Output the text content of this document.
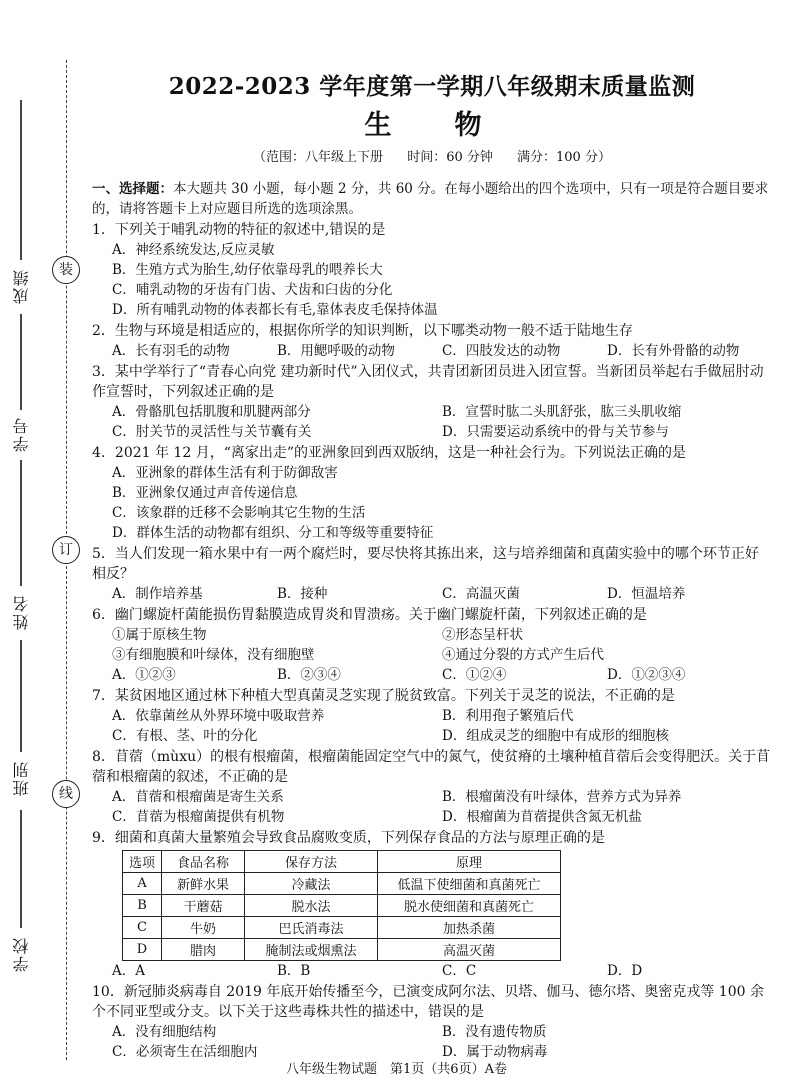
装
订
线
成绩
学号
姓名
班别
学校
2022-2023 学年度第一学期八年级期末质量监测
生　物
（范围：八年级上下册 时间：60 分钟 满分：100 分）
一、选择题：本大题共 30 小题，每小题 2 分，共 60 分。在每小题给出的四个选项中，只有一项是符合题目要求的，请将答题卡上对应题目所选的选项涂黑。
1．下列关于哺乳动物的特征的叙述中,错误的是
A．神经系统发达,反应灵敏
B．生殖方式为胎生,幼仔依靠母乳的喂养长大
C．哺乳动物的牙齿有门齿、犬齿和臼齿的分化
D．所有哺乳动物的体表都长有毛,靠体表皮毛保持体温
2．生物与环境是相适应的，根据你所学的知识判断，以下哪类动物一般不适于陆地生存
A．长有羽毛的动物	B．用鳃呼吸的动物	C．四肢发达的动物	D．长有外骨骼的动物
3．某中学举行了“青春心向党 建功新时代”入团仪式，共青团新团员进入团宣誓。当新团员举起右手做屈肘动作宣誓时，下列叙述正确的是
A．骨骼肌包括肌腹和肌腱两部分	B．宣誓时肱二头肌舒张，肱三头肌收缩
C．肘关节的灵活性与关节囊有关	D．只需要运动系统中的骨与关节参与
4．2021 年 12 月，“离家出走”的亚洲象回到西双版纳，这是一种社会行为。下列说法正确的是
A．亚洲象的群体生活有利于防御敌害
B．亚洲象仅通过声音传递信息
C．该象群的迁移不会影响其它生物的生活
D．群体生活的动物都有组织、分工和等级等重要特征
5．当人们发现一箱水果中有一两个腐烂时，要尽快将其拣出来，这与培养细菌和真菌实验中的哪个环节正好相反？
A．制作培养基	B．接种	C．高温灭菌	D．恒温培养
6．幽门螺旋杆菌能损伤胃黏膜造成胃炎和胃溃疡。关于幽门螺旋杆菌，下列叙述正确的是
①属于原核生物	②形态呈杆状
③有细胞膜和叶绿体，没有细胞壁	④通过分裂的方式产生后代
A．①②③	B．②③④	C．①②④	D．①②③④
7．某贫困地区通过林下种植大型真菌灵芝实现了脱贫致富。下列关于灵芝的说法，不正确的是
A．依靠菌丝从外界环境中吸取营养	B．利用孢子繁殖后代
C．有根、茎、叶的分化	D．组成灵芝的细胞中有成形的细胞核
8．苜蓿（mùxu）的根有根瘤菌，根瘤菌能固定空气中的氮气，使贫瘠的土壤种植苜蓿后会变得肥沃。关于苜蓿和根瘤菌的叙述，不正确的是
A．苜蓿和根瘤菌是寄生关系	B．根瘤菌没有叶绿体，营养方式为异养
C．苜蓿为根瘤菌提供有机物	D．根瘤菌为苜蓿提供含氮无机盐
9．细菌和真菌大量繁殖会导致食品腐败变质，下列保存食品的方法与原理正确的是
选项	食品名称	保存方法	原理
A	新鲜水果	冷藏法	低温下使细菌和真菌死亡
B	干蘑菇	脱水法	脱水使细菌和真菌死亡
C	牛奶	巴氏消毒法	加热杀菌
D	腊肉	腌制法或烟熏法	高温灭菌
A．A	B．B	C．C	D．D
10．新冠肺炎病毒自 2019 年底开始传播至今，已演变成阿尔法、贝塔、伽马、德尔塔、奥密克戎等 100 余个不同亚型或分支。以下关于这些毒株共性的描述中，错误的是
A．没有细胞结构	B．没有遗传物质
C．必须寄生在活细胞内	D．属于动物病毒
八年级生物试题　第1页（共6页）A卷
